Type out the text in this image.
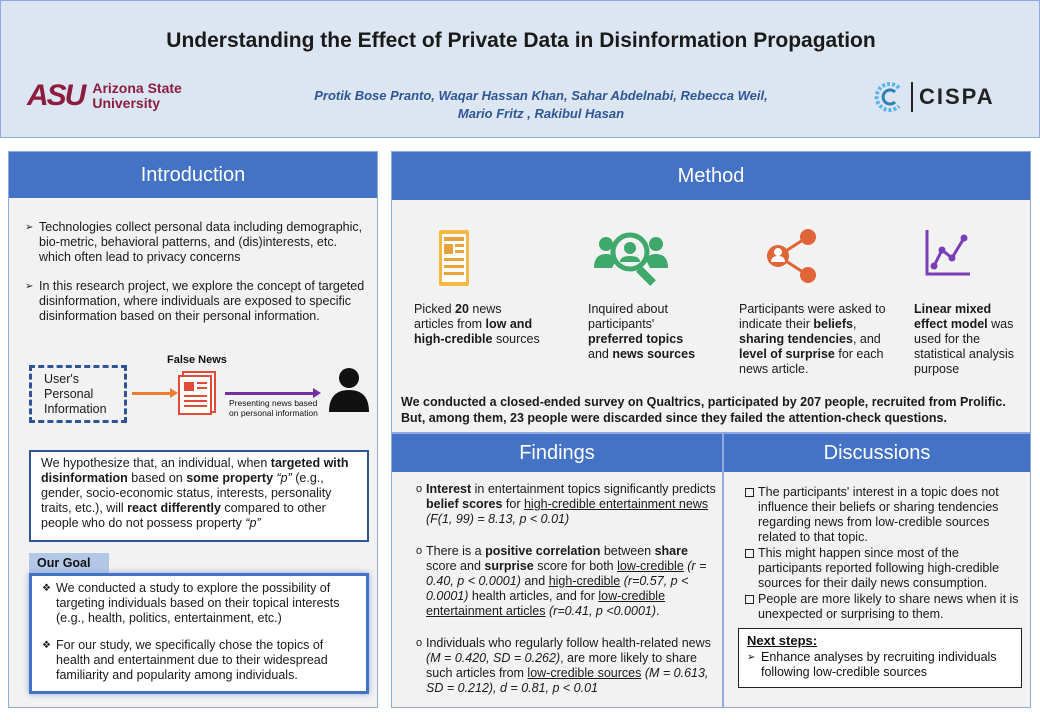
Understanding the Effect of Private Data in Disinformation Propagation
ASU Arizona State
University	Protik Bose Pranto, Waqar Hassan Khan, Sahar Abdelnabi, Rebecca Weil,
Mario Fritz , Rakibul Hasan
CISPA
Introduction
➢ Technologies collect personal data including demographic, bio-metric, behavioral patterns, and (dis)interests, etc. which often lead to privacy concerns
➢ In this research project, we explore the concept of targeted disinformation, where individuals are exposed to specific disinformation based on their personal information.
User's Personal Information
False News
Presenting news based on personal information
We hypothesize that, an individual, when targeted with disinformation based on some property “p” (e.g., gender, socio-economic status, interests, personality traits, etc.), will react differently compared to other people who do not possess property “p”
Our Goal
❖ We conducted a study to explore the possibility of targeting individuals based on their topical interests (e.g., health, politics, entertainment, etc.)
❖ For our study, we specifically chose the topics of health and entertainment due to their widespread familiarity and popularity among individuals.
Method
Picked 20 news articles from low and high-credible sources
Inquired about participants' preferred topics and news sources
Participants were asked to indicate their beliefs, sharing tendencies, and level of surprise for each news article.
Linear mixed effect model was used for the statistical analysis purpose
We conducted a closed-ended survey on Qualtrics, participated by 207 people, recruited from Prolific. But, among them, 23 people were discarded since they failed the attention-check questions.
Findings
o Interest in entertainment topics significantly predicts belief scores for high-credible entertainment news (F(1, 99) = 8.13, p < 0.01)
o There is a positive correlation between share score and surprise score for both low-credible (r = 0.40, p < 0.0001) and high-credible (r=0.57, p < 0.0001) health articles, and for low-credible entertainment articles (r=0.41, p <0.0001).
o Individuals who regularly follow health-related news (M = 0.420, SD = 0.262), are more likely to share such articles from low-credible sources (M = 0.613, SD = 0.212), d = 0.81, p < 0.01
Discussions
The participants' interest in a topic does not influence their beliefs or sharing tendencies regarding news from low-credible sources related to that topic.
This might happen since most of the participants reported following high-credible sources for their daily news consumption.
People are more likely to share news when it is unexpected or surprising to them.
Next steps:
➢ Enhance analyses by recruiting individuals following low-credible sources
